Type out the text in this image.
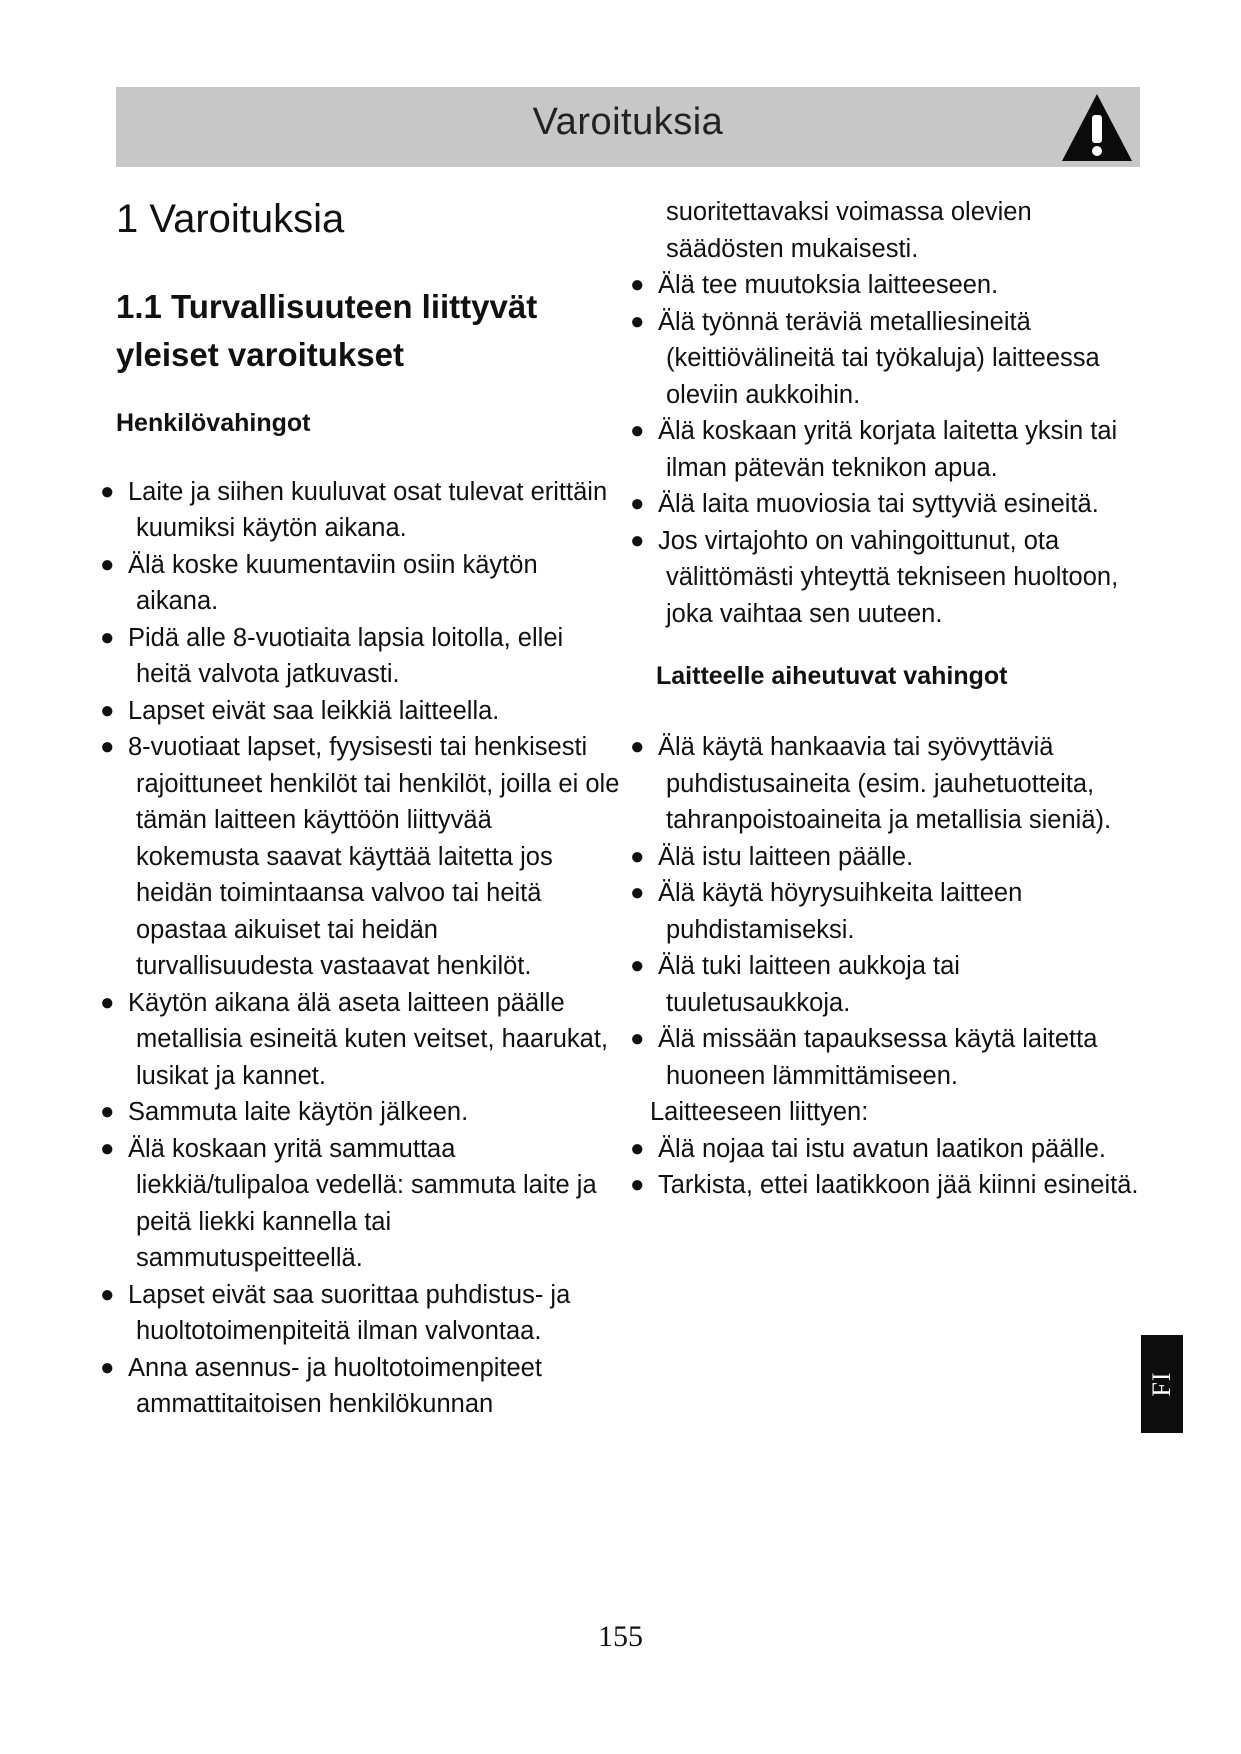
Varoituksia
1 Varoituksia
1.1 Turvallisuuteen liittyvät yleiset varoitukset
Henkilövahingot
● Laite ja siihen kuuluvat osat tulevat erittäin kuumiksi käytön aikana.
● Älä koske kuumentaviin osiin käytön aikana.
● Pidä alle 8-vuotiaita lapsia loitolla, ellei heitä valvota jatkuvasti.
● Lapset eivät saa leikkiä laitteella.
● 8-vuotiaat lapset, fyysisesti tai henkisesti rajoittuneet henkilöt tai henkilöt, joilla ei ole tämän laitteen käyttöön liittyvää kokemusta saavat käyttää laitetta jos heidän toimintaansa valvoo tai heitä opastaa aikuiset tai heidän turvallisuudesta vastaavat henkilöt.
● Käytön aikana älä aseta laitteen päälle metallisia esineitä kuten veitset, haarukat, lusikat ja kannet.
● Sammuta laite käytön jälkeen.
● Älä koskaan yritä sammuttaa liekkiä/tulipaloa vedellä: sammuta laite ja peitä liekki kannella tai sammutuspeitteellä.
● Lapset eivät saa suorittaa puhdistus- ja huoltotoimenpiteitä ilman valvontaa.
● Anna asennus- ja huoltotoimenpiteet ammattitaitoisen henkilökunnan
suoritettavaksi voimassa olevien säädösten mukaisesti.
● Älä tee muutoksia laitteeseen.
● Älä työnnä teräviä metalliesineitä (keittiövälineitä tai työkaluja) laitteessa oleviin aukkoihin.
● Älä koskaan yritä korjata laitetta yksin tai ilman pätevän teknikon apua.
● Älä laita muoviosia tai syttyviä esineitä.
● Jos virtajohto on vahingoittunut, ota välittömästi yhteyttä tekniseen huoltoon, joka vaihtaa sen uuteen.
Laitteelle aiheutuvat vahingot
● Älä käytä hankaavia tai syövyttäviä puhdistusaineita (esim. jauhetuotteita, tahranpoistoaineita ja metallisia sieniä).
● Älä istu laitteen päälle.
● Älä käytä höyrysuihkeita laitteen puhdistamiseksi.
● Älä tuki laitteen aukkoja tai tuuletusaukkoja.
● Älä missään tapauksessa käytä laitetta huoneen lämmittämiseen.
Laitteeseen liittyen:
● Älä nojaa tai istu avatun laatikon päälle.
● Tarkista, ettei laatikkoon jää kiinni esineitä.
155
FI
